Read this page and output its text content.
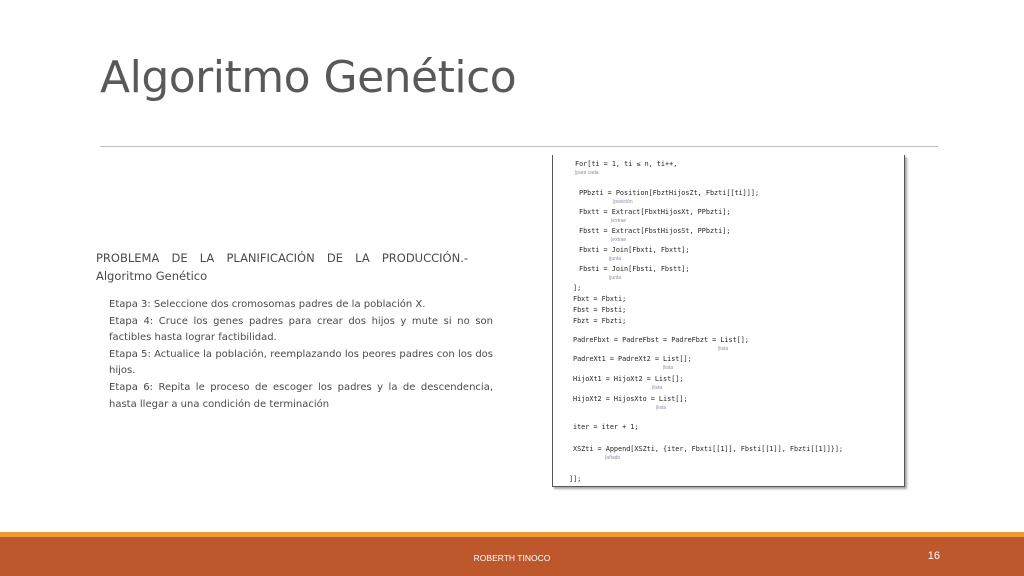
Algoritmo Genético
PROBLEMA DE LA PLANIFICACIÓN DE LA PRODUCCIÓN.- Algoritmo Genético
Etapa 3: Seleccione dos cromosomas padres de la población X.
Etapa 4: Cruce los genes padres para crear dos hijos y mute si no son factibles hasta lograr factibilidad.
Etapa 5: Actualice la población, reemplazando los peores padres con los dos hijos.
Etapa 6: Repita le proceso de escoger los padres y la de descendencia, hasta llegar a una condición de terminación
For[ti = 1, ti ≤ n, ti++,
|para cada
PPbzti = Position[FbztHijosZt, Fbzti[[ti]]];
|posición
Fbxtt = Extract[FbxtHijosXt, PPbzti];
|extrae
Fbstt = Extract[FbstHijosSt, PPbzti];
|extrae
Fbxti = Join[Fbxti, Fbxtt];
|junta
Fbsti = Join[Fbsti, Fbstt];
|junta
];
Fbxt = Fbxti;
Fbst = Fbsti;
Fbzt = Fbzti;
PadreFbxt = PadreFbst = PadreFbzt = List[];
|lista
PadreXt1 = PadreXt2 = List[];
|lista
HijoXt1 = HijoXt2 = List[];
|lista
HijoXt2 = HijosXto = List[];
|lista
iter = iter + 1;
XSZti = Append[XSZti, {iter, Fbxti[[1]], Fbsti[[1]], Fbzti[[1]]}];
|añadir
]];
ROBERTH TINOCO	16
